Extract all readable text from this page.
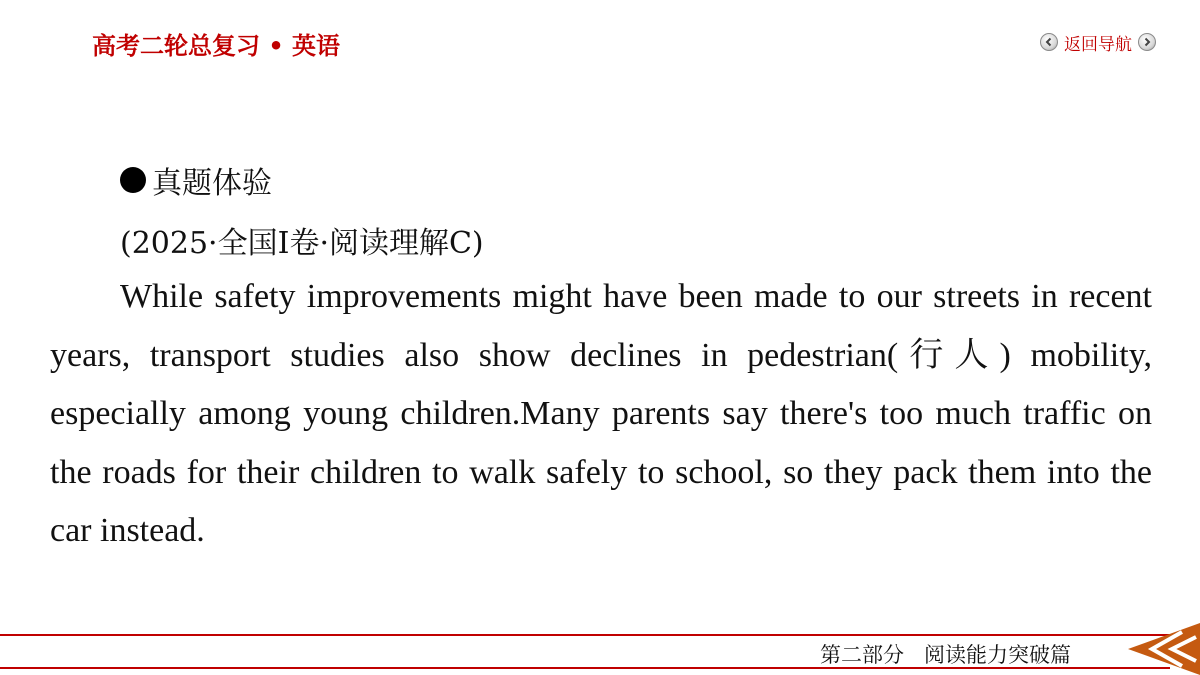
高考二轮总复习 • 英语	返回导航
真题体验
(2025·全国Ⅰ卷·阅读理解C)
While safety improvements might have been made to our streets in recent years, transport studies also show declines in pedestrian(行人) mobility, especially among young children.Many parents say there's too much traffic on the roads for their children to walk safely to school, so they pack them into the car instead.
第二部分 阅读能力突破篇
